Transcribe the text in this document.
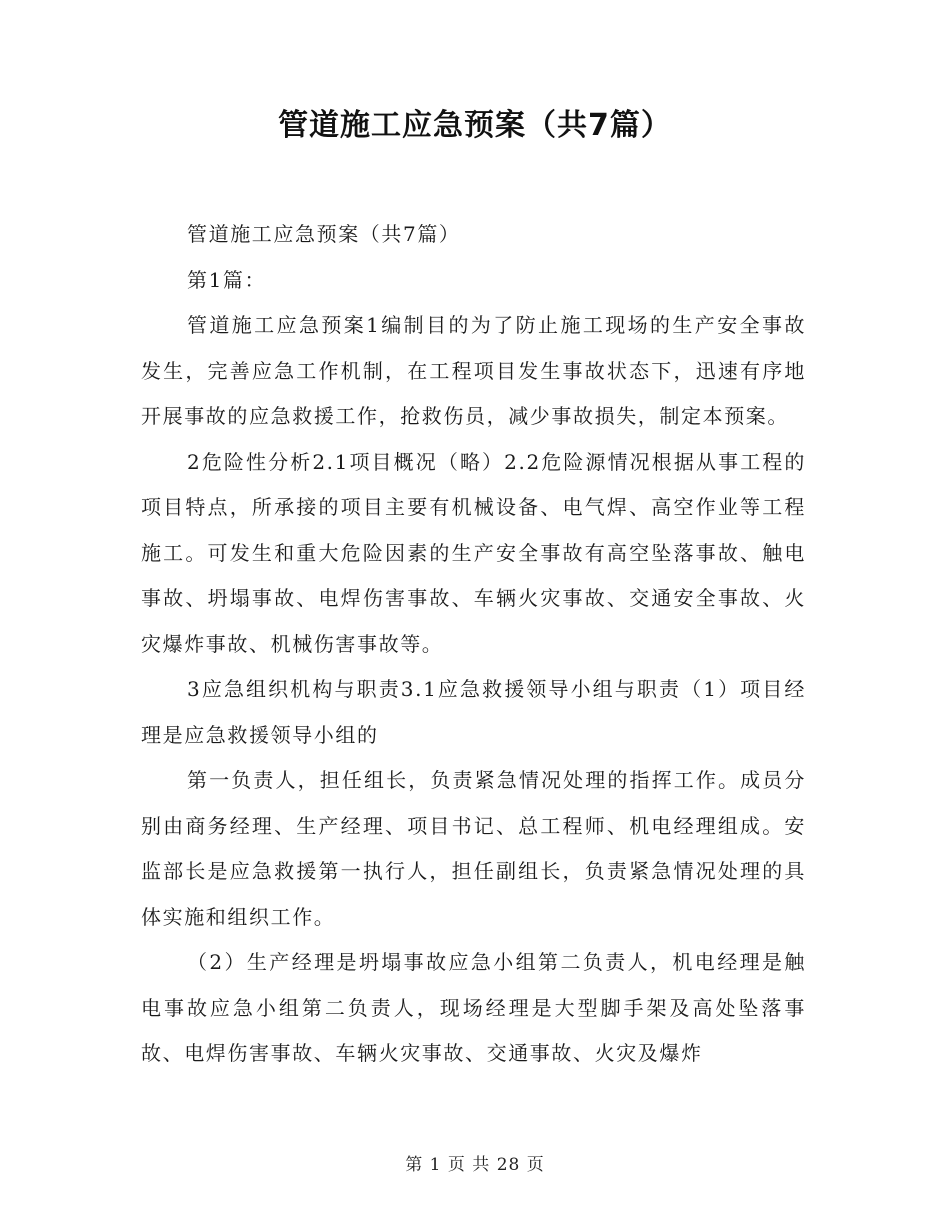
管道施工应急预案（共7篇）

管道施工应急预案（共7篇）

第1篇：

管道施工应急预案1编制目的为了防止施工现场的生产安全事故发生，完善应急工作机制，在工程项目发生事故状态下，迅速有序地开展事故的应急救援工作，抢救伤员，减少事故损失，制定本预案。

2危险性分析2.1项目概况（略）2.2危险源情况根据从事工程的项目特点，所承接的项目主要有机械设备、电气焊、高空作业等工程施工。可发生和重大危险因素的生产安全事故有高空坠落事故、触电事故、坍塌事故、电焊伤害事故、车辆火灾事故、交通安全事故、火灾爆炸事故、机械伤害事故等。

3应急组织机构与职责3.1应急救援领导小组与职责（1）项目经理是应急救援领导小组的

第一负责人，担任组长，负责紧急情况处理的指挥工作。成员分别由商务经理、生产经理、项目书记、总工程师、机电经理组成。安监部长是应急救援第一执行人，担任副组长，负责紧急情况处理的具体实施和组织工作。

（2）生产经理是坍塌事故应急小组第二负责人，机电经理是触电事故应急小组第二负责人，现场经理是大型脚手架及高处坠落事故、电焊伤害事故、车辆火灾事故、交通事故、火灾及爆炸

第 1 页 共 28 页
